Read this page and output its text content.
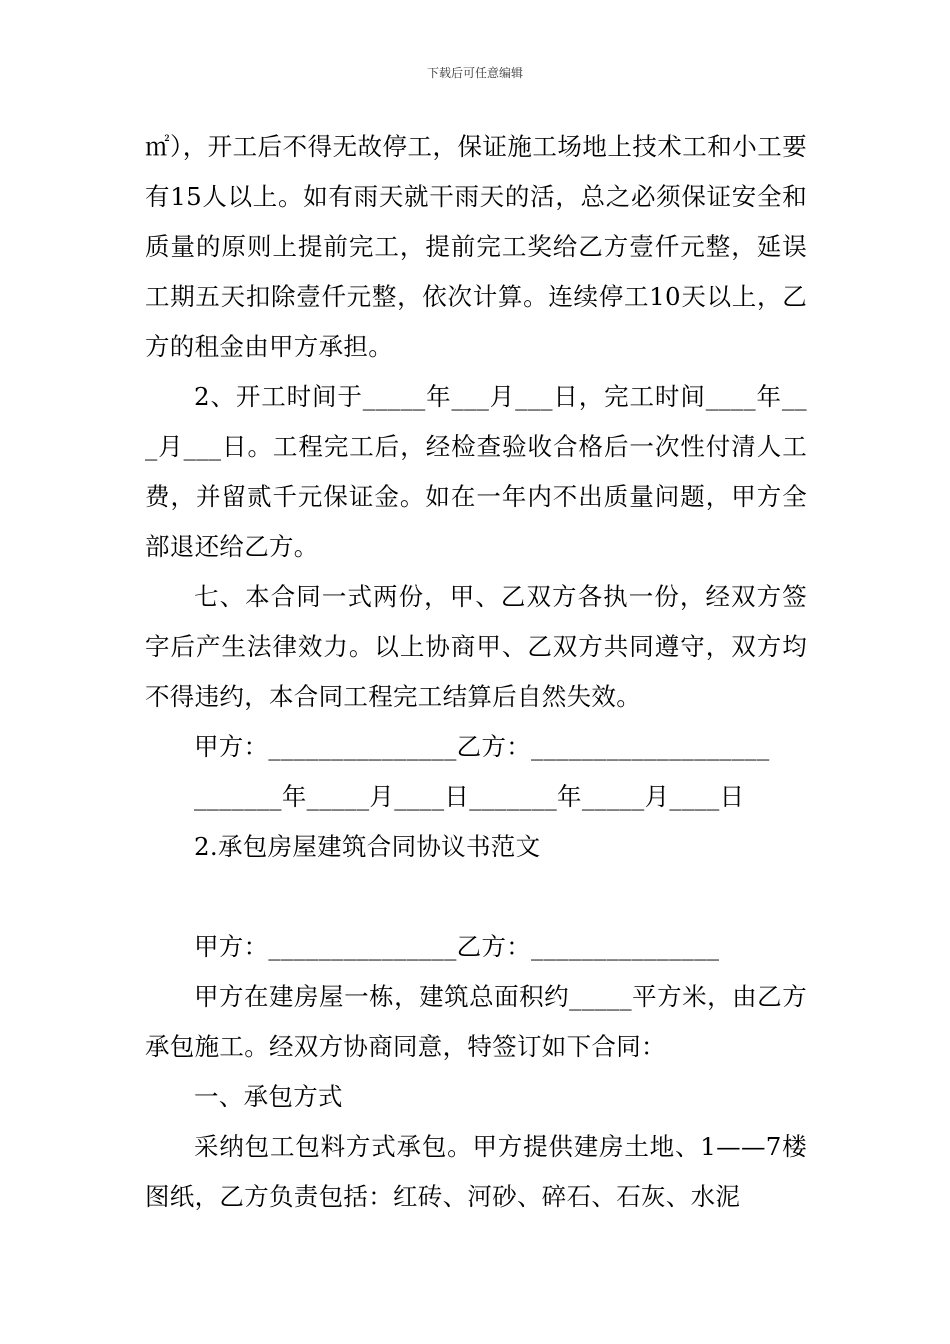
下载后可任意编辑

㎡），开工后不得无故停工，保证施工场地上技术工和小工要有15人以上。如有雨天就干雨天的活，总之必须保证安全和质量的原则上提前完工，提前完工奖给乙方壹仟元整，延误工期五天扣除壹仟元整，依次计算。连续停工10天以上，乙方的租金由甲方承担。

2、开工时间于_____年___月___日，完工时间____年___月___日。工程完工后，经检查验收合格后一次性付清人工费，并留贰千元保证金。如在一年内不出质量问题，甲方全部退还给乙方。

七、本合同一式两份，甲、乙双方各执一份，经双方签字后产生法律效力。以上协商甲、乙双方共同遵守，双方均不得违约，本合同工程完工结算后自然失效。

甲方：_______________乙方：___________________

_______年_____月____日_______年_____月____日

2.承包房屋建筑合同协议书范文

甲方：_______________乙方：_______________

甲方在建房屋一栋，建筑总面积约_____平方米，由乙方承包施工。经双方协商同意，特签订如下合同：

一、承包方式

采纳包工包料方式承包。甲方提供建房土地、1——7楼图纸，乙方负责包括：红砖、河砂、碎石、石灰、水泥
